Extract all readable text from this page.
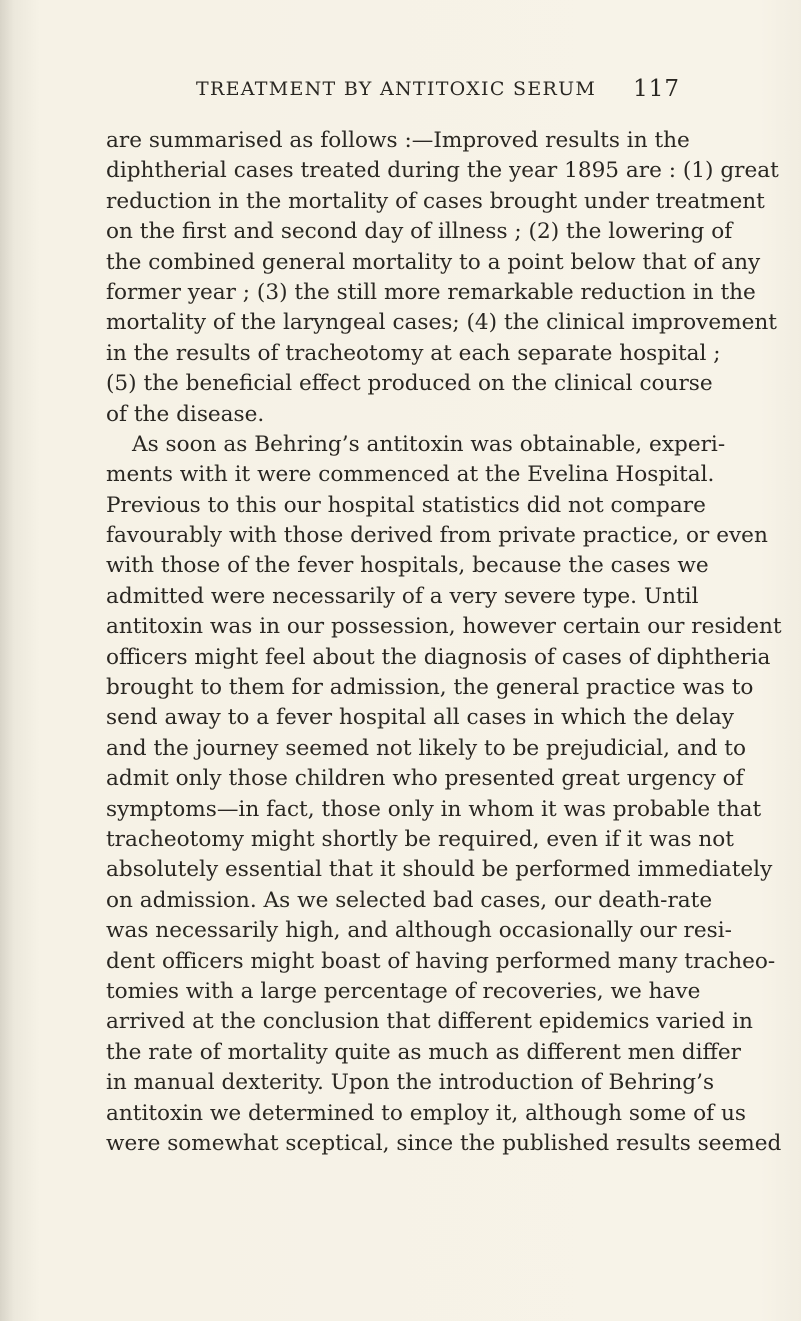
TREATMENT BY ANTITOXIC SERUM 117
are summarised as follows :—Improved results in the
diphtherial cases treated during the year 1895 are : (1) great
reduction in the mortality of cases brought under treatment
on the first and second day of illness ; (2) the lowering of
the combined general mortality to a point below that of any
former year ; (3) the still more remarkable reduction in the
mortality of the laryngeal cases; (4) the clinical improvement
in the results of tracheotomy at each separate hospital ;
(5) the beneficial effect produced on the clinical course
of the disease.
As soon as Behring’s antitoxin was obtainable, experi-
ments with it were commenced at the Evelina Hospital.
Previous to this our hospital statistics did not compare
favourably with those derived from private practice, or even
with those of the fever hospitals, because the cases we
admitted were necessarily of a very severe type. Until
antitoxin was in our possession, however certain our resident
officers might feel about the diagnosis of cases of diphtheria
brought to them for admission, the general practice was to
send away to a fever hospital all cases in which the delay
and the journey seemed not likely to be prejudicial, and to
admit only those children who presented great urgency of
symptoms—in fact, those only in whom it was probable that
tracheotomy might shortly be required, even if it was not
absolutely essential that it should be performed immediately
on admission. As we selected bad cases, our death-rate
was necessarily high, and although occasionally our resi-
dent officers might boast of having performed many tracheo-
tomies with a large percentage of recoveries, we have
arrived at the conclusion that different epidemics varied in
the rate of mortality quite as much as different men differ
in manual dexterity. Upon the introduction of Behring’s
antitoxin we determined to employ it, although some of us
were somewhat sceptical, since the published results seemed
